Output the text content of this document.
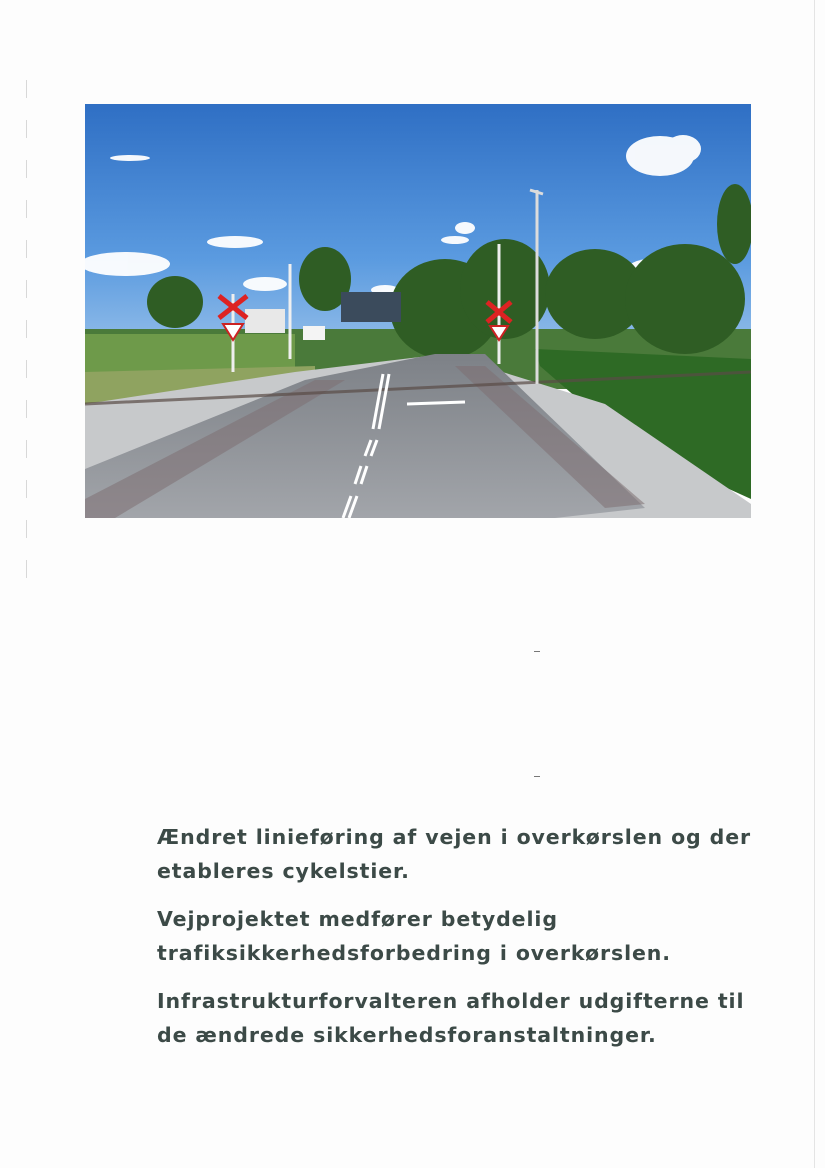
Ændret linieføring af vejen i overkørslen og der etableres cykelstier.

Vejprojektet medfører betydelig trafiksikkerhedsforbedring i overkørslen.

Infrastrukturforvalteren afholder udgifterne til de ændrede sikkerhedsforanstaltninger.
